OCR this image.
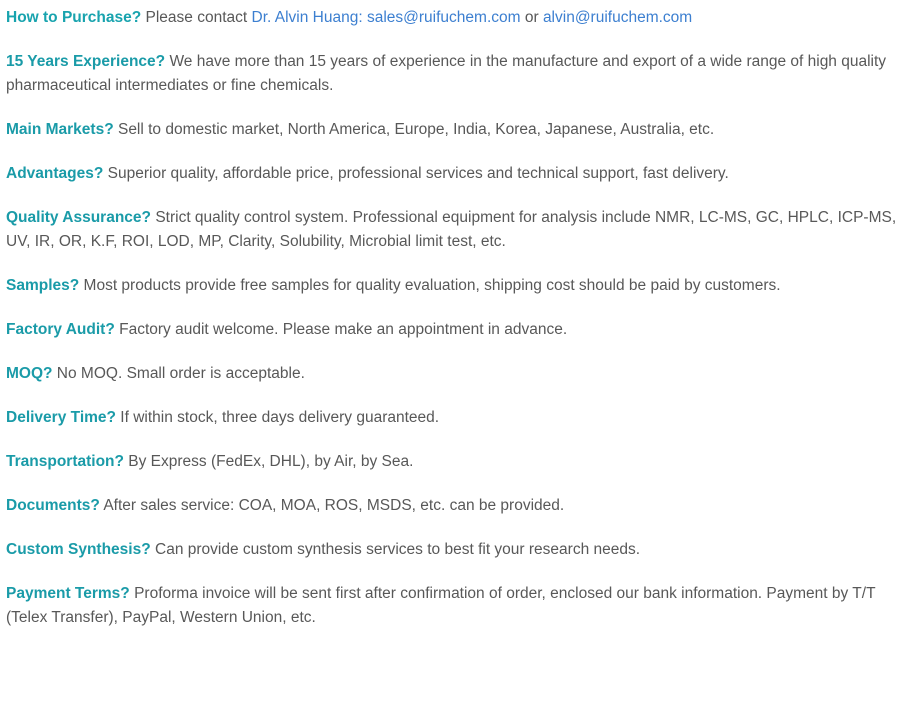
How to Purchase? Please contact Dr. Alvin Huang: sales@ruifuchem.com or alvin@ruifuchem.com

15 Years Experience? We have more than 15 years of experience in the manufacture and export of a wide range of high quality pharmaceutical intermediates or fine chemicals.

Main Markets? Sell to domestic market, North America, Europe, India, Korea, Japanese, Australia, etc.

Advantages? Superior quality, affordable price, professional services and technical support, fast delivery.

Quality Assurance? Strict quality control system. Professional equipment for analysis include NMR, LC-MS, GC, HPLC, ICP-MS, UV, IR, OR, K.F, ROI, LOD, MP, Clarity, Solubility, Microbial limit test, etc.

Samples? Most products provide free samples for quality evaluation, shipping cost should be paid by customers.

Factory Audit? Factory audit welcome. Please make an appointment in advance.

MOQ? No MOQ. Small order is acceptable.

Delivery Time? If within stock, three days delivery guaranteed.

Transportation? By Express (FedEx, DHL), by Air, by Sea.

Documents? After sales service: COA, MOA, ROS, MSDS, etc. can be provided.

Custom Synthesis? Can provide custom synthesis services to best fit your research needs.

Payment Terms? Proforma invoice will be sent first after confirmation of order, enclosed our bank information. Payment by T/T (Telex Transfer), PayPal, Western Union, etc.
